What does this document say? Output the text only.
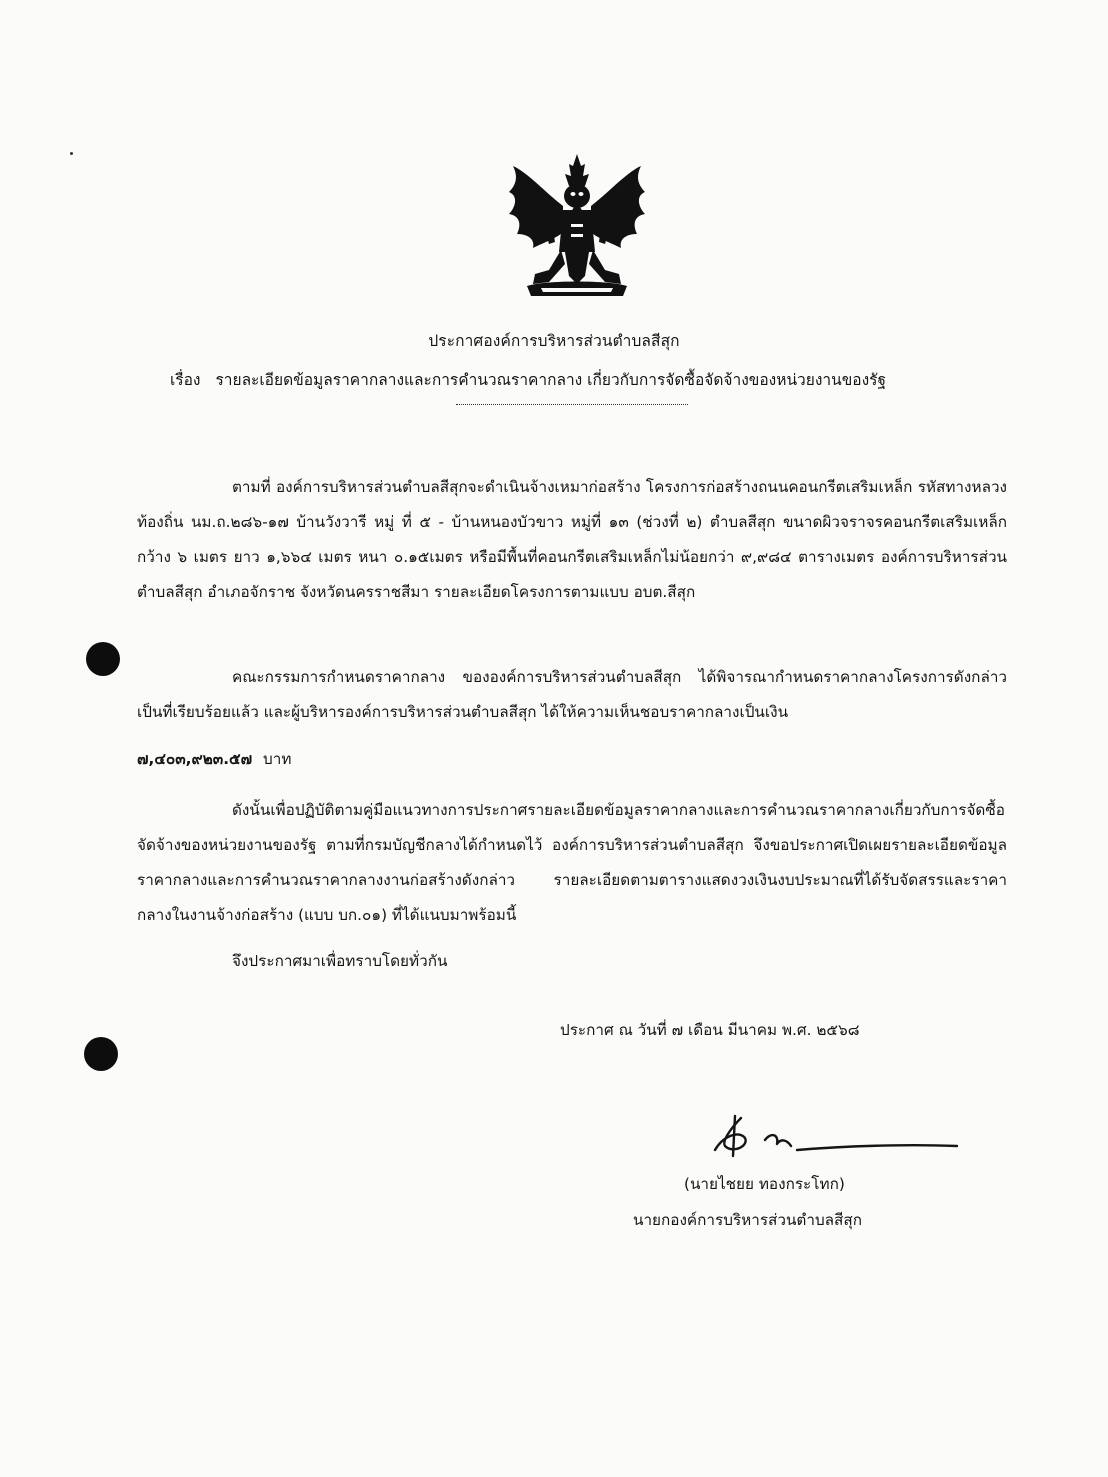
ประกาศองค์การบริหารส่วนตำบลสีสุก
เรื่อง รายละเอียดข้อมูลราคากลางและการคำนวณราคากลาง เกี่ยวกับการจัดซื้อจัดจ้างของหน่วยงานของรัฐ
ตามที่ องค์การบริหารส่วนตำบลสีสุกจะดำเนินจ้างเหมาก่อสร้าง โครงการก่อสร้างถนนคอนกรีตเสริมเหล็ก รหัสทางหลวงท้องถิ่น นม.ถ.๒๘๖-๑๗ บ้านวังวารี หมู่ ที่ ๕ - บ้านหนองบัวขาว หมู่ที่ ๑๓ (ช่วงที่ ๒) ตำบลสีสุก ขนาดผิวจราจรคอนกรีตเสริมเหล็ก กว้าง ๖ เมตร ยาว ๑,๖๖๔ เมตร หนา ๐.๑๕เมตร หรือมีพื้นที่คอนกรีตเสริมเหล็กไม่น้อยกว่า ๙,๙๘๔ ตารางเมตร องค์การบริหารส่วนตำบลสีสุก อำเภอจักราช จังหวัดนครราชสีมา รายละเอียดโครงการตามแบบ อบต.สีสุก
คณะกรรมการกำหนดราคากลาง ขององค์การบริหารส่วนตำบลสีสุก ได้พิจารณากำหนดราคากลางโครงการดังกล่าวเป็นที่เรียบร้อยแล้ว และผู้บริหารองค์การบริหารส่วนตำบลสีสุก ได้ให้ความเห็นชอบราคากลางเป็นเงิน
๗,๔๐๓,๙๒๓.๕๗ บาท
ดังนั้นเพื่อปฏิบัติตามคู่มือแนวทางการประกาศรายละเอียดข้อมูลราคากลางและการคำนวณราคากลางเกี่ยวกับการจัดซื้อจัดจ้างของหน่วยงานของรัฐ ตามที่กรมบัญชีกลางได้กำหนดไว้ องค์การบริหารส่วนตำบลสีสุก จึงขอประกาศเปิดเผยรายละเอียดข้อมูลราคากลางและการคำนวณราคากลางงานก่อสร้างดังกล่าว รายละเอียดตามตารางแสดงวงเงินงบประมาณที่ได้รับจัดสรรและราคากลางในงานจ้างก่อสร้าง (แบบ บก.๐๑) ที่ได้แนบมาพร้อมนี้
จึงประกาศมาเพื่อทราบโดยทั่วกัน
ประกาศ ณ วันที่ ๗ เดือน มีนาคม พ.ศ. ๒๕๖๘
(นายไชยย ทองกระโทก)
นายกองค์การบริหารส่วนตำบลสีสุก
